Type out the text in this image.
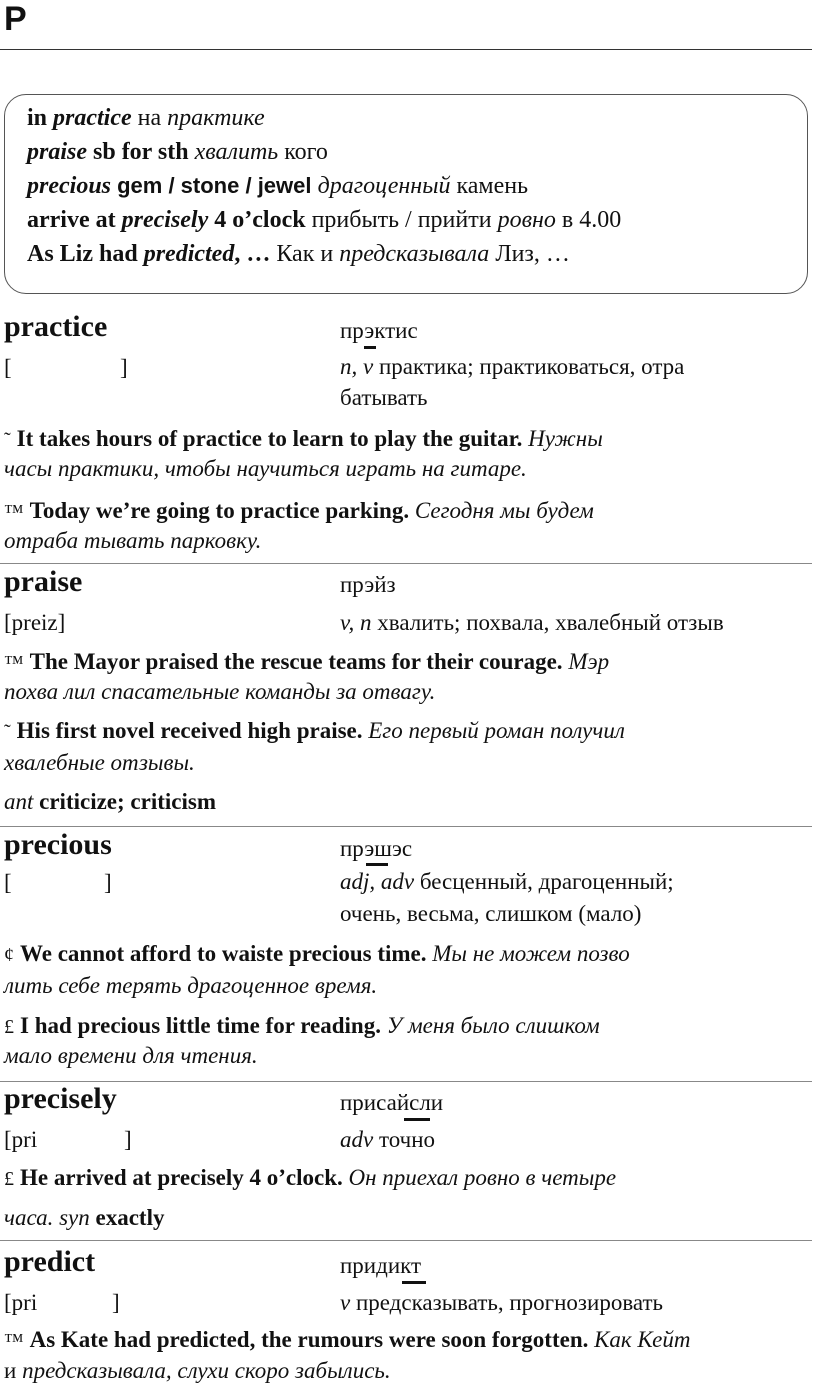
P
in practice на практике
praise sb for sth хвалить кого
precious gem / stone / jewel драгоценный камень
arrive at precisely 4 o’clock прибыть / прийти ровно в 4.00
As Liz had predicted, … Как и предсказывала Лиз, …
practice	прэктис
[	]	n, v практика; практиковаться, отра
батывать
˜ It takes hours of practice to learn to play the guitar. Нужны
часы практики, чтобы научиться играть на гитаре.
™ Today we’re going to practice parking. Сегодня мы будем
отраба тывать парковку.
praise	прэйз
[preiz]	v, n хвалить; похвала, хвалебный отзыв
™ The Mayor praised the rescue teams for their courage. Мэр
похва лил спасательные команды за отвагу.
˜ His first novel received high praise. Его первый роман получил
хвалебные отзывы.
ant criticize; criticism
precious	прэшэс
[	]	adj, adv бесценный, драгоценный;
очень, весьма, слишком (мало)
¢ We cannot afford to waiste precious time. Мы не можем позво
лить себе терять драгоценное время.
£ I had precious little time for reading. У меня было слишком
мало времени для чтения.
precisely	присайсли
[pri	]	adv точно
£ He arrived at precisely 4 o’clock. Он приехал ровно в четыре
часа. syn exactly
predict	придикт
[pri	]	v предсказывать, прогнозировать
™ As Kate had predicted, the rumours were soon forgotten. Как Кейт
и предсказывала, слухи скоро забылись.
